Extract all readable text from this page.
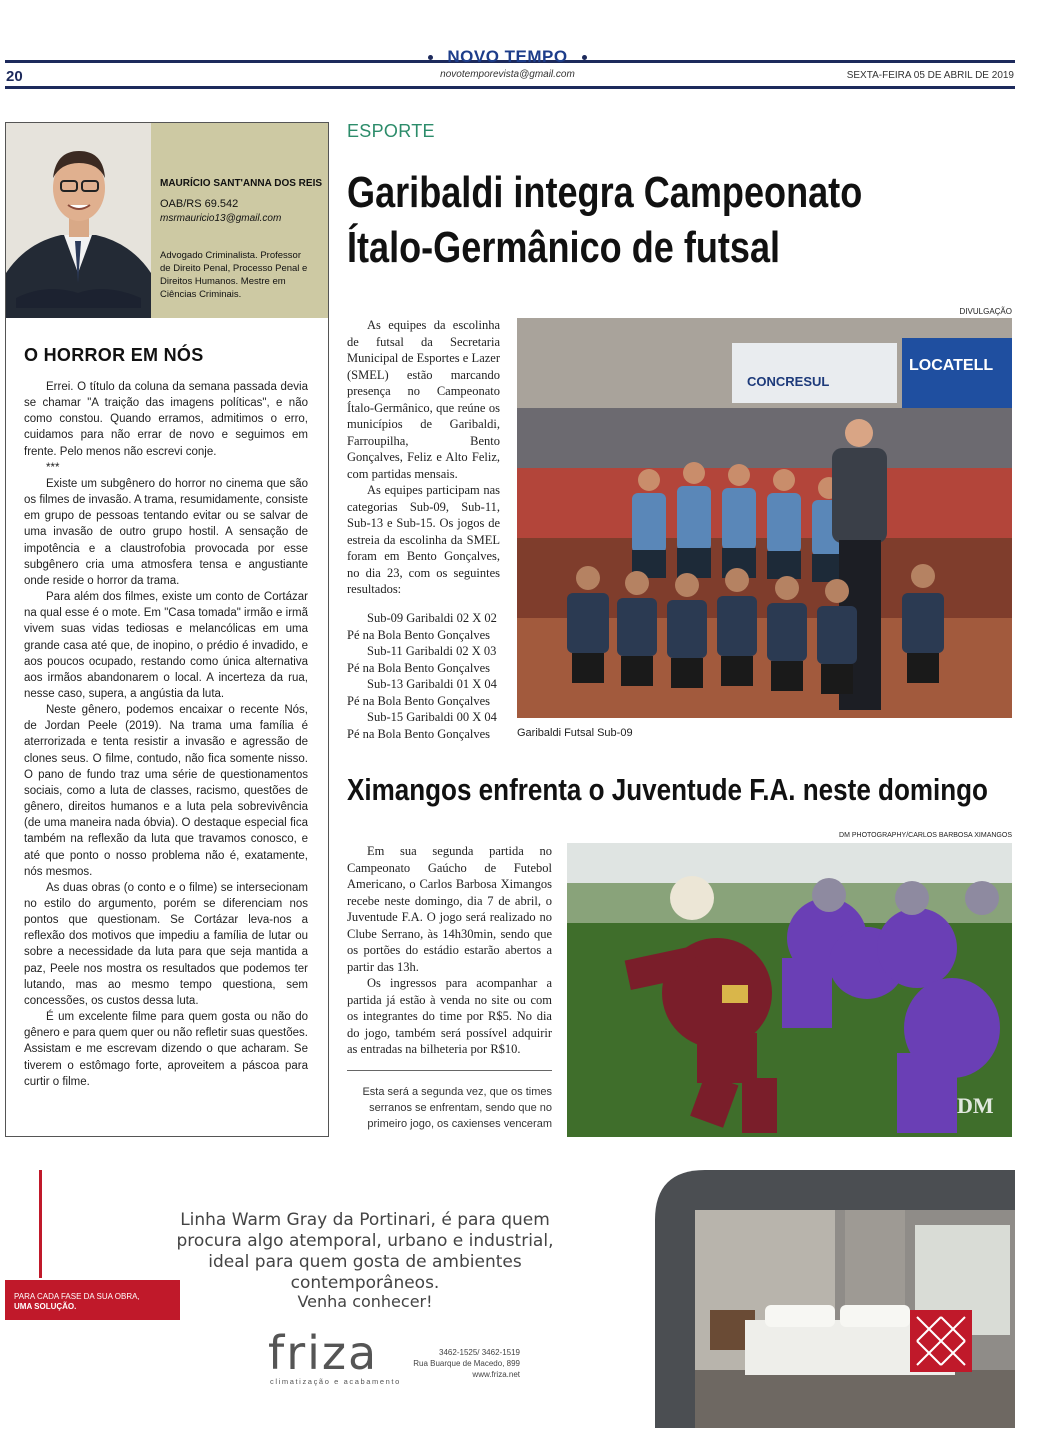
NOVO TEMPO
20	novotemporevista@gmail.com	SEXTA-FEIRA 05 DE ABRIL DE 2019
MAURÍCIO SANT'ANNA DOS REIS
OAB/RS 69.542
msrmauricio13@gmail.com
Advogado Criminalista. Professor de Direito Penal, Processo Penal e Direitos Humanos. Mestre em Ciências Criminais.
O HORROR EM NÓS

Errei. O título da coluna da semana passada devia se chamar "A traição das imagens políticas", e não como constou. Quando erramos, admitimos o erro, cuidamos para não errar de novo e seguimos em frente. Pelo menos não escrevi conje.

***

Existe um subgênero do horror no cinema que são os filmes de invasão. A trama, resumidamente, consiste em grupo de pessoas tentando evitar ou se salvar de uma invasão de outro grupo hostil. A sensação de impotência e a claustrofobia provocada por esse subgênero cria uma atmosfera tensa e angustiante onde reside o horror da trama.

Para além dos filmes, existe um conto de Cortázar na qual esse é o mote. Em "Casa tomada" irmão e irmã vivem suas vidas tediosas e melancólicas em uma grande casa até que, de inopino, o prédio é invadido, e aos poucos ocupado, restando como única alternativa aos irmãos abandonarem o local. A incerteza da rua, nesse caso, supera, a angústia da luta.

Neste gênero, podemos encaixar o recente Nós, de Jordan Peele (2019). Na trama uma família é aterrorizada e tenta resistir a invasão e agressão de clones seus. O filme, contudo, não fica somente nisso. O pano de fundo traz uma série de questionamentos sociais, como a luta de classes, racismo, questões de gênero, direitos humanos e a luta pela sobrevivência (de uma maneira nada óbvia). O destaque especial fica também na reflexão da luta que travamos conosco, e até que ponto o nosso problema não é, exatamente, nós mesmos.

As duas obras (o conto e o filme) se intersecionam no estilo do argumento, porém se diferenciam nos pontos que questionam. Se Cortázar leva-nos a reflexão dos motivos que impediu a família de lutar ou sobre a necessidade da luta para que seja mantida a paz, Peele nos mostra os resultados que podemos ter lutando, mas ao mesmo tempo questiona, sem concessões, os custos dessa luta.

É um excelente filme para quem gosta ou não do gênero e para quem quer ou não refletir suas questões. Assistam e me escrevam dizendo o que acharam. Se tiverem o estômago forte, aproveitem a páscoa para curtir o filme.

ESPORTE
Garibaldi integra Campeonato Ítalo-Germânico de futsal
DIVULGAÇÃO

As equipes da escolinha de futsal da Secretaria Municipal de Esportes e Lazer (SMEL) estão marcando presença no Campeonato Ítalo-Germânico, que reúne os municípios de Garibaldi, Farroupilha, Bento Gonçalves, Feliz e Alto Feliz, com partidas mensais.

As equipes participam nas categorias Sub-09, Sub-11, Sub-13 e Sub-15. Os jogos de estreia da escolinha da SMEL foram em Bento Gonçalves, no dia 23, com os seguintes resultados:

Sub-09 Garibaldi 02 X 02 Pé na Bola Bento Gonçalves

Sub-11 Garibaldi 02 X 03 Pé na Bola Bento Gonçalves

Sub-13 Garibaldi 01 X 04 Pé na Bola Bento Gonçalves

Sub-15 Garibaldi 00 X 04 Pé na Bola Bento Gonçalves

CONCRESUL
LOCATELL
Garibaldi Futsal Sub-09
Ximangos enfrenta o Juventude F.A. neste domingo
DM PHOTOGRAPHY/CARLOS BARBOSA XIMANGOS

Em sua segunda partida no Campeonato Gaúcho de Futebol Americano, o Carlos Barbosa Ximangos recebe neste domingo, dia 7 de abril, o Juventude F.A. O jogo será realizado no Clube Serrano, às 14h30min, sendo que os portões do estádio estarão abertos a partir das 13h.

Os ingressos para acompanhar a partida já estão à venda no site ou com os integrantes do time por R$5. No dia do jogo, também será possível adquirir as entradas na bilheteria por R$10.

DM
Esta será a segunda vez, que os times serranos se enfrentam, sendo que no primeiro jogo, os caxienses venceram
PARA CADA FASE DA SUA OBRA,
UMA SOLUÇÃO.
Linha Warm Gray da Portinari, é para quem procura algo atemporal, urbano e industrial, ideal para quem gosta de ambientes contemporâneos.
Venha conhecer!
friza
climatização e acabamento
3462-1525/ 3462-1519
Rua Buarque de Macedo, 899
www.friza.net
